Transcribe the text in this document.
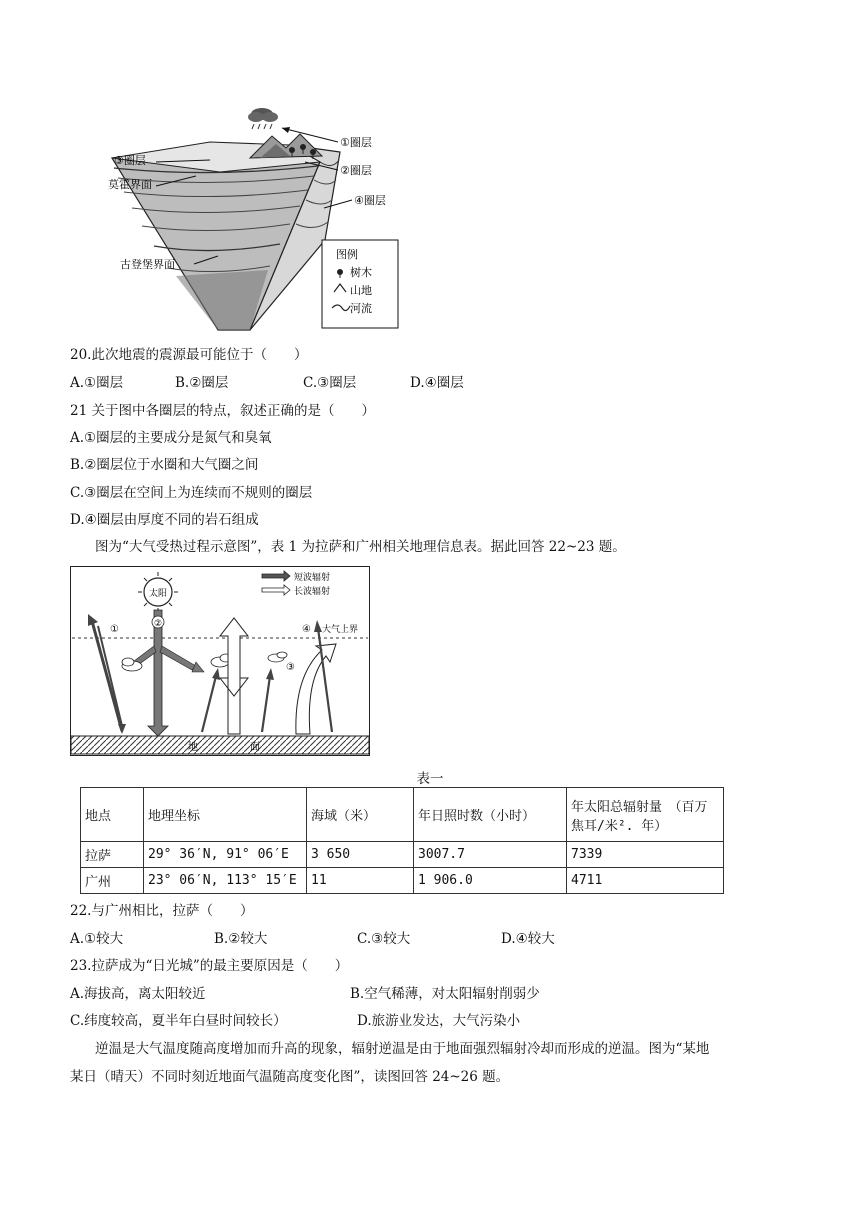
①圈层
②圈层
④圈层
③圈层
莫霍界面
古登堡界面
图例
树木
山地
河流
20.此次地震的震源最可能位于（　　）
A.①圈层	B.②圈层	C.③圈层	D.④圈层
21 关于图中各圈层的特点，叙述正确的是（　　）
A.①圈层的主要成分是氮气和臭氧
B.②圈层位于水圈和大气圈之间
C.③圈层在空间上为连续而不规则的圈层
D.④圈层由厚度不同的岩石组成
图为“大气受热过程示意图”，表 1 为拉萨和广州相关地理信息表。据此回答 22~23 题。
地	面
太阳
短波辐射
长波辐射
②
①
③
④ 大气上界
表一
地点	地理坐标	海域（米）	年日照时数（小时）	年太阳总辐射量　（百万
焦耳/米². 年）
拉萨	29° 36′N, 91° 06′E	3 650	3007.7	7339
广州	23° 06′N, 113° 15′E	11	1 906.0	4711
22.与广州相比，拉萨（　　）
A.①较大	B.②较大	C.③较大	D.④较大
23.拉萨成为“日光城”的最主要原因是（　　）
A.海拔高，离太阳较近	B.空气稀薄，对太阳辐射削弱少
C.纬度较高，夏半年白昼时间较长）	D.旅游业发达，大气污染小
逆温是大气温度随高度增加而升高的现象，辐射逆温是由于地面强烈辐射冷却而形成的逆温。图为“某地
某日（晴天）不同时刻近地面气温随高度变化图”，读图回答 24~26 题。
